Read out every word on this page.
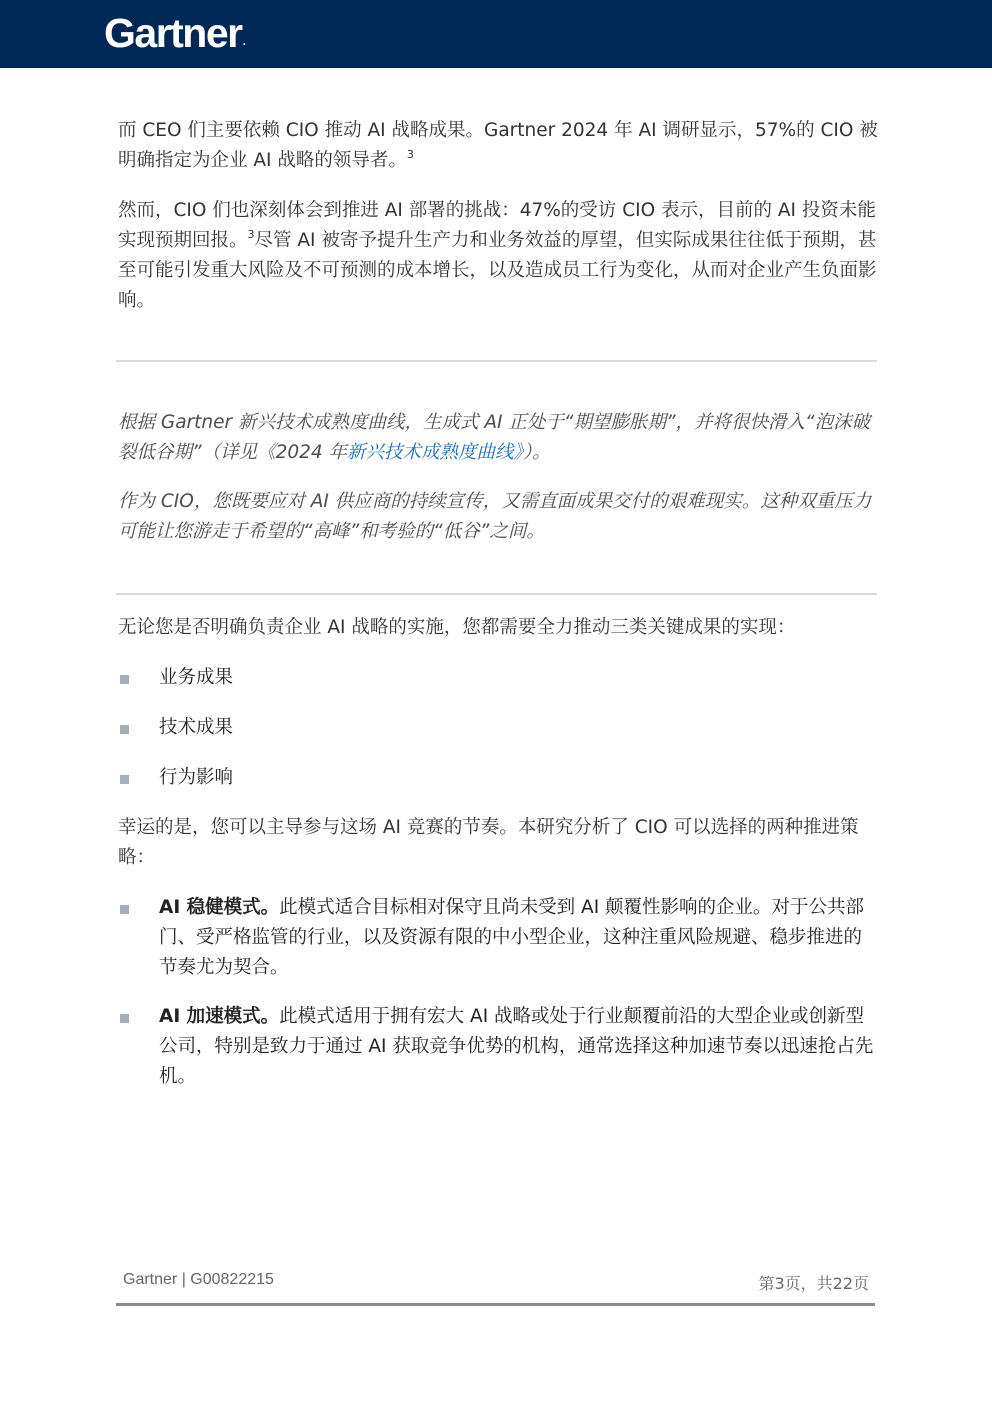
Gartner.

而 CEO 们主要依赖 CIO 推动 AI 战略成果。Gartner 2024 年 AI 调研显示，57%的 CIO 被明确指定为企业 AI 战略的领导者。$^3$

然而，CIO 们也深刻体会到推进 AI 部署的挑战：47%的受访 CIO 表示，目前的 AI 投资未能实现预期回报。$^3$尽管 AI 被寄予提升生产力和业务效益的厚望，但实际成果往往低于预期，甚至可能引发重大风险及不可预测的成本增长，以及造成员工行为变化，从而对企业产生负面影响。

根据 Gartner 新兴技术成熟度曲线，生成式 AI 正处于“期望膨胀期”，并将很快滑入“泡沫破裂低谷期”（详见《2024 年新兴技术成熟度曲线》）。

作为 CIO，您既要应对 AI 供应商的持续宣传，又需直面成果交付的艰难现实。这种双重压力可能让您游走于希望的“高峰”和考验的“低谷”之间。

无论您是否明确负责企业 AI 战略的实施，您都需要全力推动三类关键成果的实现：

业务成果

技术成果

行为影响

幸运的是，您可以主导参与这场 AI 竞赛的节奏。本研究分析了 CIO 可以选择的两种推进策略：

AI 稳健模式。此模式适合目标相对保守且尚未受到 AI 颠覆性影响的企业。对于公共部门、受严格监管的行业，以及资源有限的中小型企业，这种注重风险规避、稳步推进的节奏尤为契合。

AI 加速模式。此模式适用于拥有宏大 AI 战略或处于行业颠覆前沿的大型企业或创新型公司，特别是致力于通过 AI 获取竞争优势的机构，通常选择这种加速节奏以迅速抢占先机。

Gartner | G00822215	第3页，共22页
